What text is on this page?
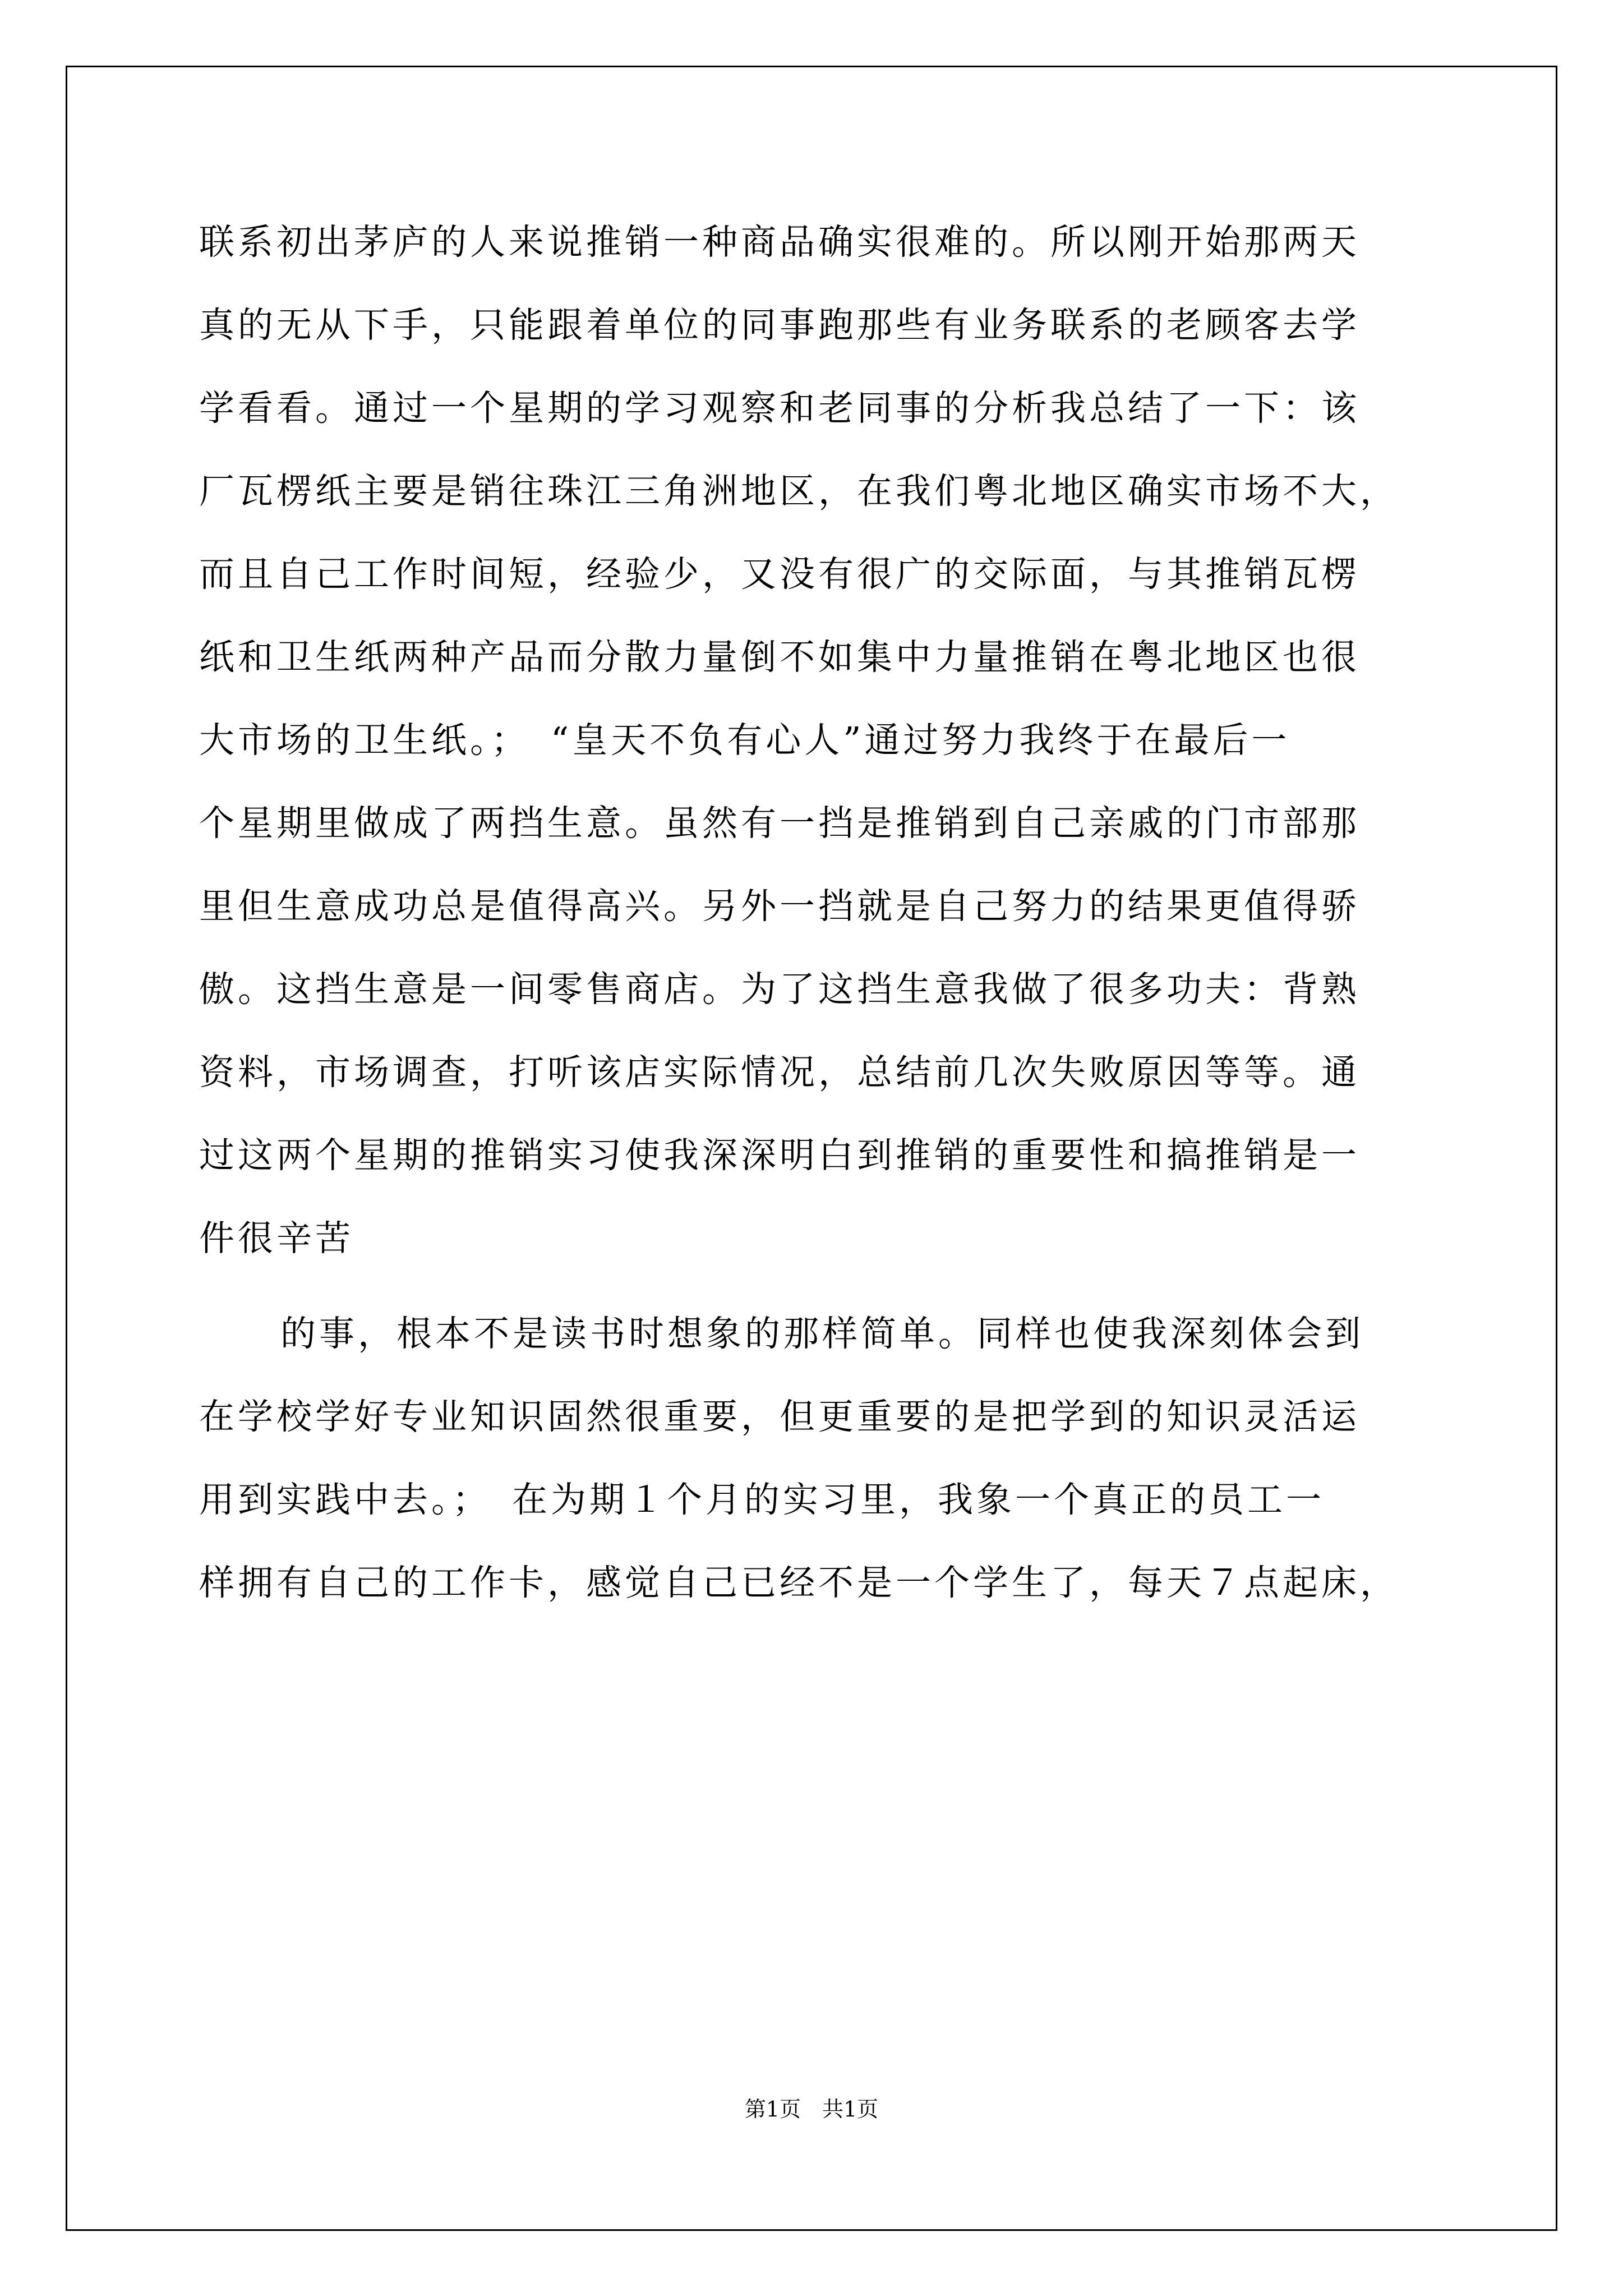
联系初出茅庐的人来说推销一种商品确实很难的。所以刚开始那两天
真的无从下手，只能跟着单位的同事跑那些有业务联系的老顾客去学
学看看。通过一个星期的学习观察和老同事的分析我总结了一下：该
厂瓦楞纸主要是销往珠江三角洲地区，在我们粤北地区确实市场不大，
而且自己工作时间短，经验少，又没有很广的交际面，与其推销瓦楞
纸和卫生纸两种产品而分散力量倒不如集中力量推销在粤北地区也很
大市场的卫生纸。；　“皇天不负有心人”通过努力我终于在最后一
个星期里做成了两挡生意。虽然有一挡是推销到自己亲戚的门市部那
里但生意成功总是值得高兴。另外一挡就是自己努力的结果更值得骄
傲。这挡生意是一间零售商店。为了这挡生意我做了很多功夫：背熟
资料，市场调查，打听该店实际情况，总结前几次失败原因等等。通
过这两个星期的推销实习使我深深明白到推销的重要性和搞推销是一
件很辛苦
的事，根本不是读书时想象的那样简单。同样也使我深刻体会到
在学校学好专业知识固然很重要，但更重要的是把学到的知识灵活运
用到实践中去。；　在为期１个月的实习里，我象一个真正的员工一
样拥有自己的工作卡，感觉自己已经不是一个学生了，每天７点起床，
第1页　共1页
